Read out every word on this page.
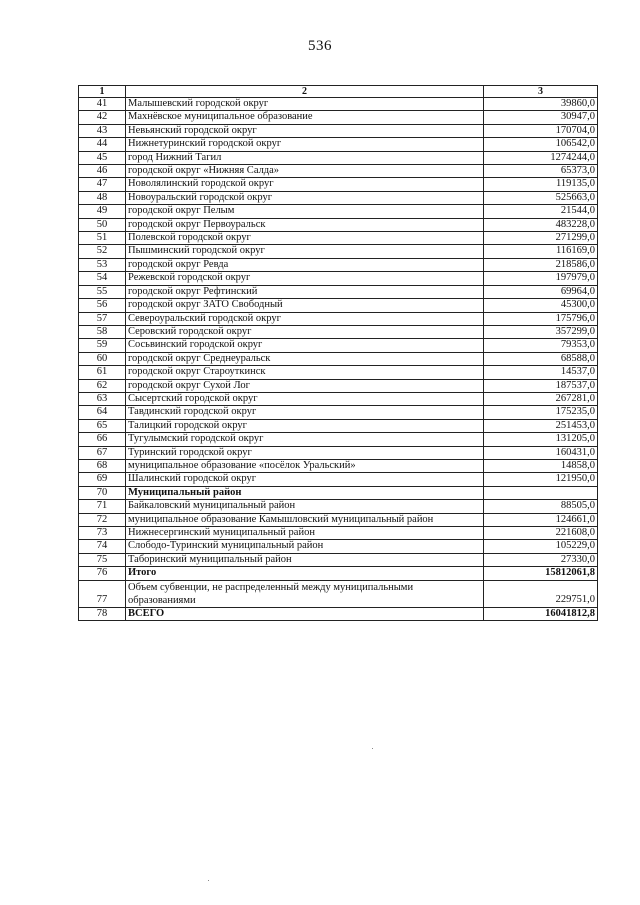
536
1	2	3
41	Малышевский городской округ	39860,0
42	Махнёвское муниципальное образование	30947,0
43	Невьянский городской округ	170704,0
44	Нижнетуринский городской округ	106542,0
45	город Нижний Тагил	1274244,0
46	городской округ «Нижняя Салда»	65373,0
47	Новолялинский городской округ	119135,0
48	Новоуральский городской округ	525663,0
49	городской округ Пелым	21544,0
50	городской округ Первоуральск	483228,0
51	Полевской городской округ	271299,0
52	Пышминский городской округ	116169,0
53	городской округ Ревда	218586,0
54	Режевской городской округ	197979,0
55	городской округ Рефтинский	69964,0
56	городской округ ЗАТО Свободный	45300,0
57	Североуральский городской округ	175796,0
58	Серовский городской округ	357299,0
59	Сосьвинский городской округ	79353,0
60	городской округ Среднеуральск	68588,0
61	городской округ Староуткинск	14537,0
62	городской округ Сухой Лог	187537,0
63	Сысертский городской округ	267281,0
64	Тавдинский городской округ	175235,0
65	Талицкий городской округ	251453,0
66	Тугулымский городской округ	131205,0
67	Туринский городской округ	160431,0
68	муниципальное образование «посёлок Уральский»	14858,0
69	Шалинский городской округ	121950,0
70	Муниципальный район	
71	Байкаловский муниципальный район	88505,0
72	муниципальное образование Камышловский муниципальный район	124661,0
73	Нижнесергинский муниципальный район	221608,0
74	Слободо-Туринский муниципальный район	105229,0
75	Таборинский муниципальный район	27330,0
76	Итого	15812061,8
77	Объем субвенции, не распределенный между муниципальными образованиями	229751,0
78	ВСЕГО	16041812,8
